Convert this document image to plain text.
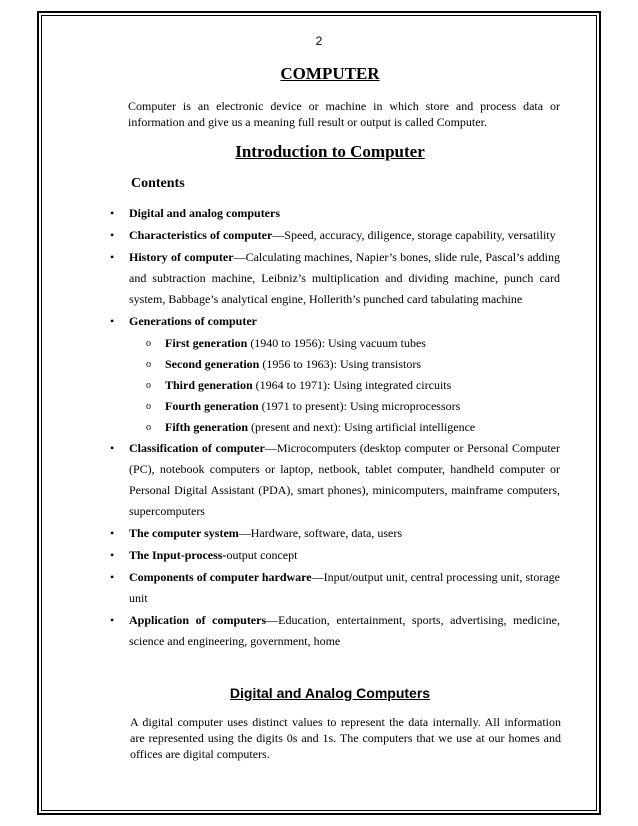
2
COMPUTER
Computer is an electronic device or machine in which store and process data or information and give us a meaning full result or output is called Computer.
Introduction to Computer
Contents
• Digital and analog computers
• Characteristics of computer—Speed, accuracy, diligence, storage capability, versatility
• History of computer—Calculating machines, Napier’s bones, slide rule, Pascal’s adding and subtraction machine, Leibniz’s multiplication and dividing machine, punch card system, Babbage’s analytical engine, Hollerith’s punched card tabulating machine
• Generations of computer
o First generation (1940 to 1956): Using vacuum tubes
o Second generation (1956 to 1963): Using transistors
o Third generation (1964 to 1971): Using integrated circuits
o Fourth generation (1971 to present): Using microprocessors
o Fifth generation (present and next): Using artificial intelligence
• Classification of computer—Microcomputers (desktop computer or Personal Computer (PC), notebook computers or laptop, netbook, tablet computer, handheld computer or Personal Digital Assistant (PDA), smart phones), minicomputers, mainframe computers, supercomputers
• The computer system—Hardware, software, data, users
• The Input-process-output concept
• Components of computer hardware—Input/output unit, central processing unit, storage unit
• Application of computers—Education, entertainment, sports, advertising, medicine, science and engineering, government, home
Digital and Analog Computers
A digital computer uses distinct values to represent the data internally. All information are represented using the digits 0s and 1s. The computers that we use at our homes and offices are digital computers.
